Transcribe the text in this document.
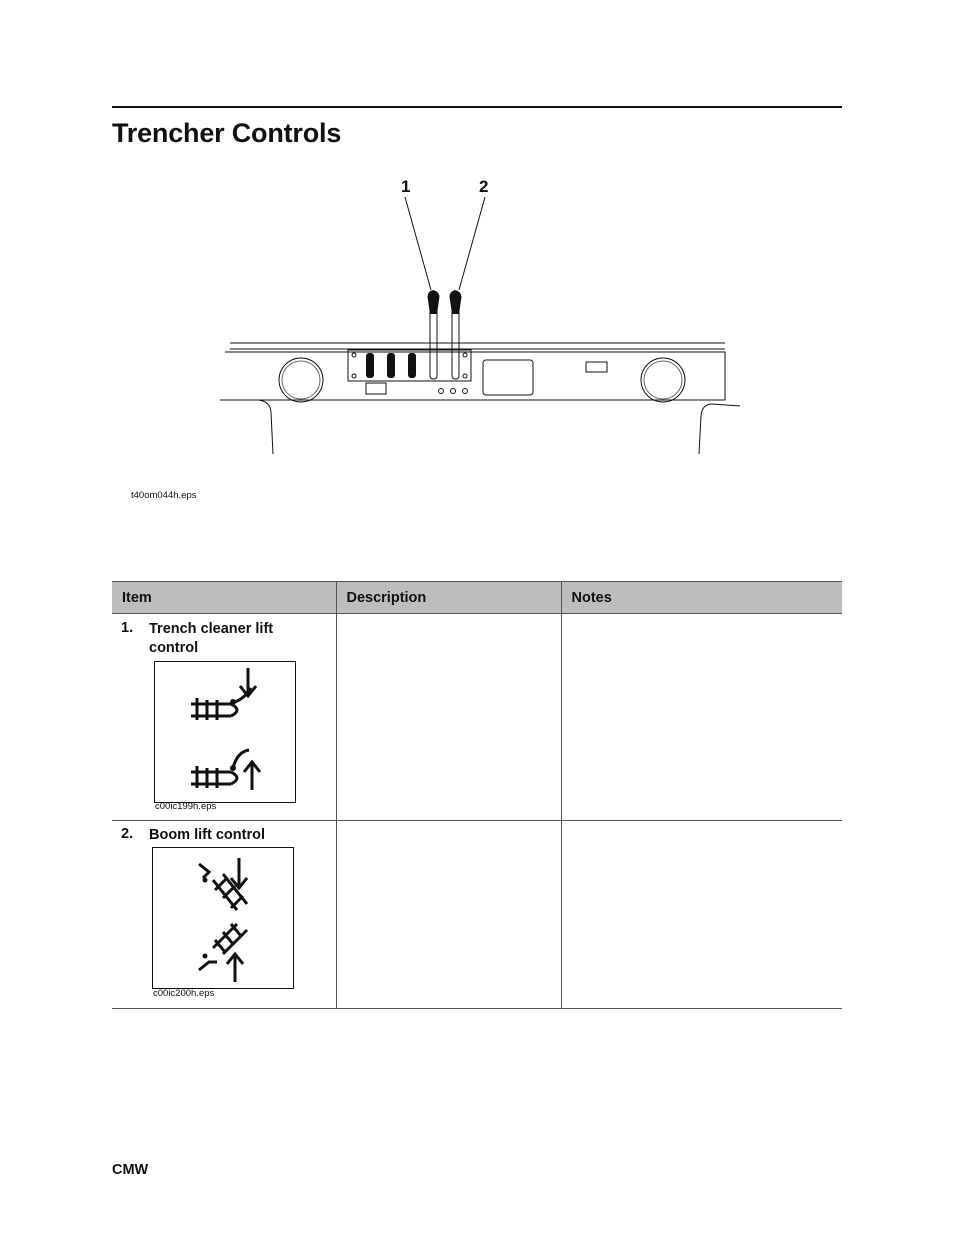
Trencher Controls
1	2
t40om044h.eps
Item	Description	Notes

1. Trench cleaner lift control
c00ic199h.eps		

2. Boom lift control
c00ic200h.eps		

CMW
